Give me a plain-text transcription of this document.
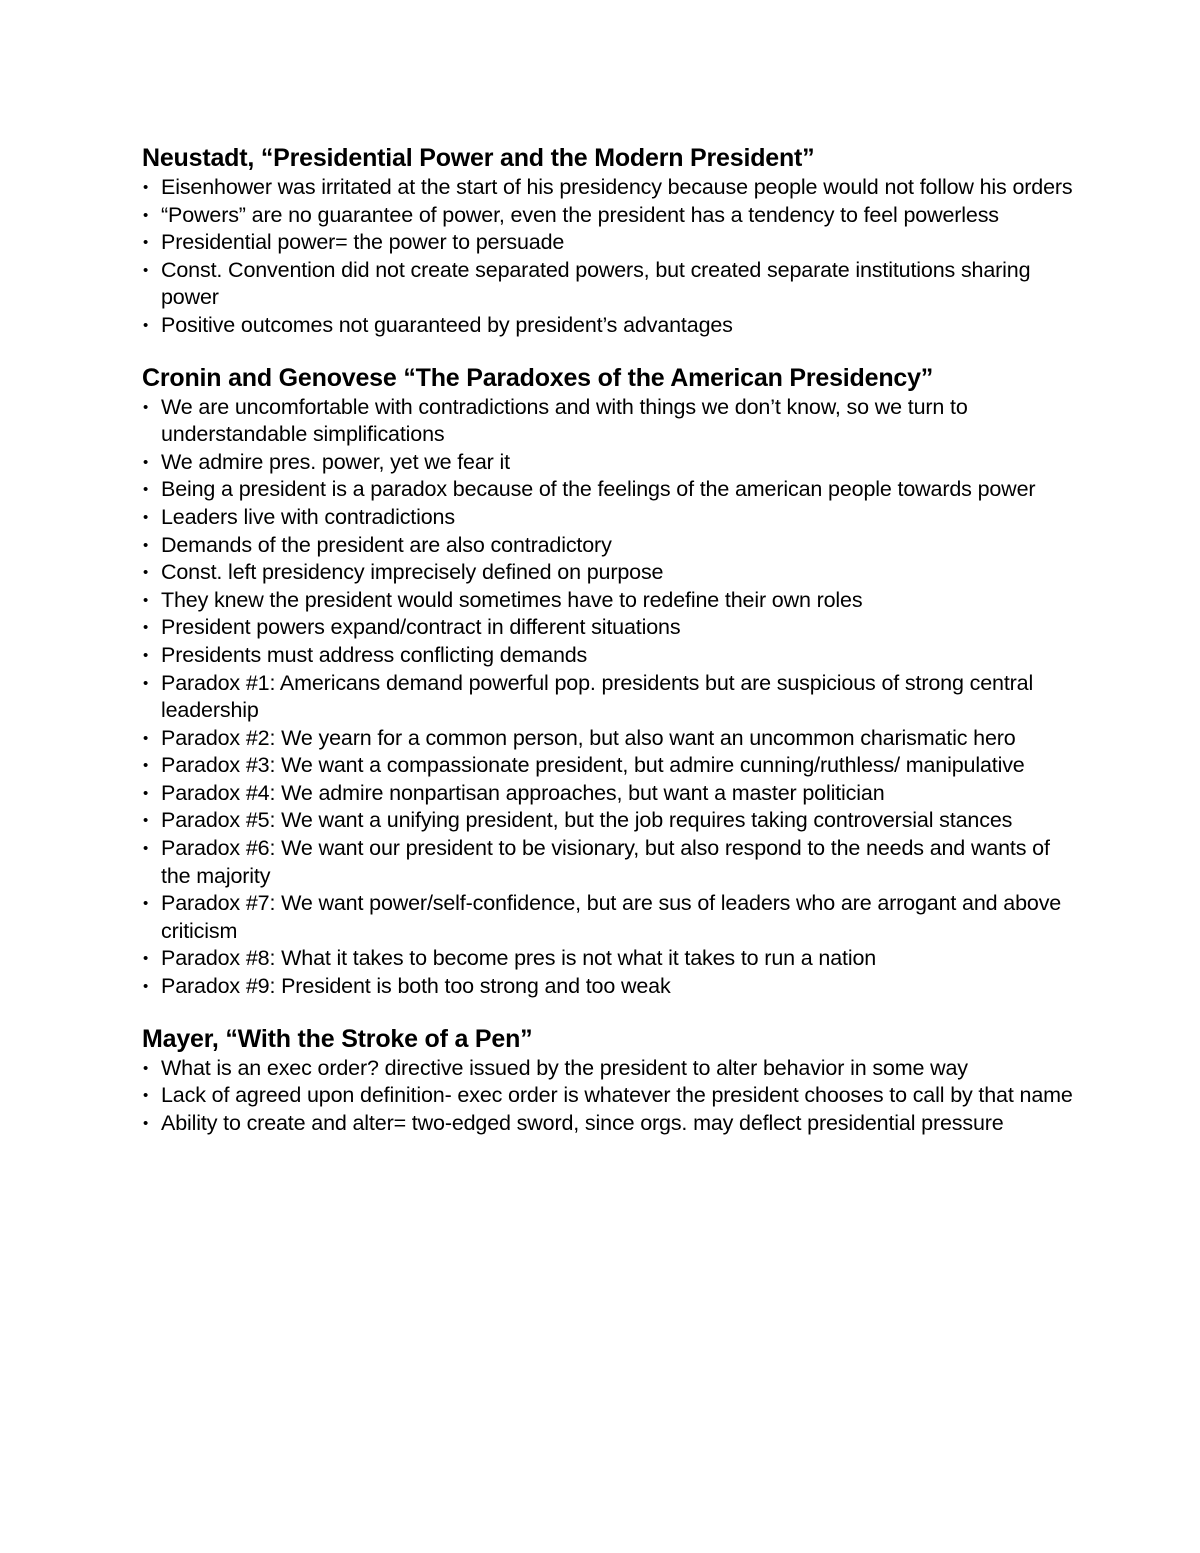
Neustadt, “Presidential Power and the Modern President”
• Eisenhower was irritated at the start of his presidency because people would not follow his orders
• “Powers” are no guarantee of power, even the president has a tendency to feel powerless
• Presidential power= the power to persuade
• Const. Convention did not create separated powers, but created separate institutions sharing power
• Positive outcomes not guaranteed by president’s advantages
Cronin and Genovese “The Paradoxes of the American Presidency”
• We are uncomfortable with contradictions and with things we don’t know, so we turn to understandable simplifications
• We admire pres. power, yet we fear it
• Being a president is a paradox because of the feelings of the american people towards power
• Leaders live with contradictions
• Demands of the president are also contradictory
• Const. left presidency imprecisely defined on purpose
• They knew the president would sometimes have to redefine their own roles
• President powers expand/contract in different situations
• Presidents must address conflicting demands
• Paradox #1: Americans demand powerful pop. presidents but are suspicious of strong central leadership
• Paradox #2: We yearn for a common person, but also want an uncommon charismatic hero
• Paradox #3: We want a compassionate president, but admire cunning/ruthless/ manipulative
• Paradox #4: We admire nonpartisan approaches, but want a master politician
• Paradox #5: We want a unifying president, but the job requires taking controversial stances
• Paradox #6: We want our president to be visionary, but also respond to the needs and wants of the majority
• Paradox #7: We want power/self-confidence, but are sus of leaders who are arrogant and above criticism
• Paradox #8: What it takes to become pres is not what it takes to run a nation
• Paradox #9: President is both too strong and too weak
Mayer, “With the Stroke of a Pen”
• What is an exec order? directive issued by the president to alter behavior in some way
• Lack of agreed upon definition- exec order is whatever the president chooses to call by that name
• Ability to create and alter= two-edged sword, since orgs. may deflect presidential pressure
